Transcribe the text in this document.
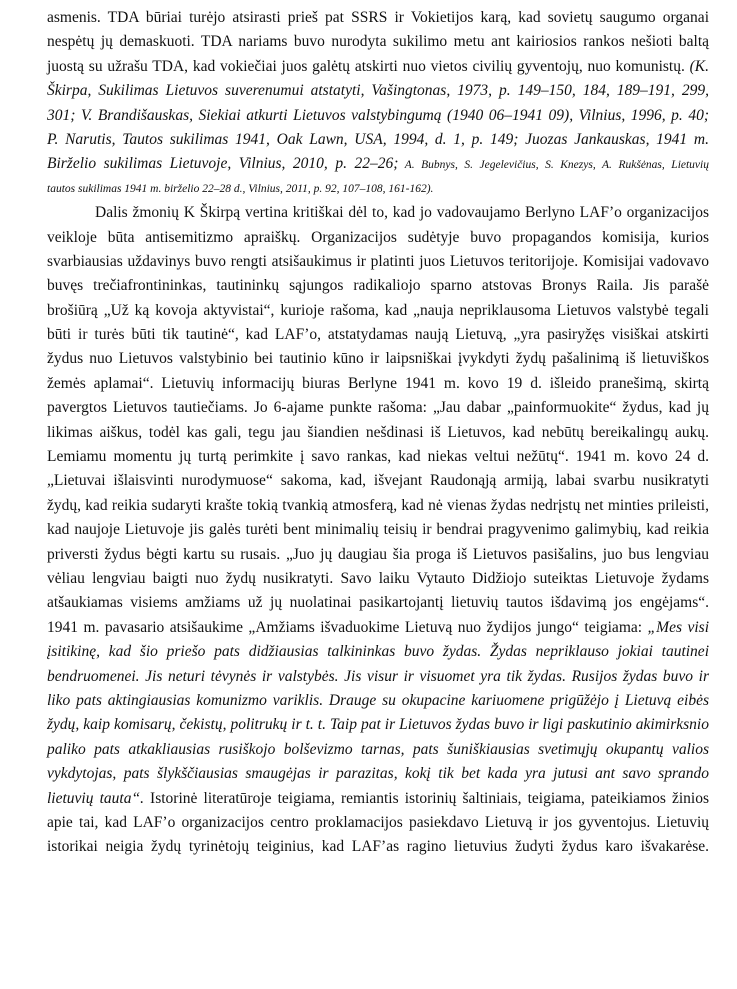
asmenis. TDA būriai turėjo atsirasti prieš pat SSRS ir Vokietijos karą, kad sovietų saugumo organai
nespėtų jų demaskuoti. TDA nariams buvo nurodyta sukilimo metu ant kairiosios rankos nešioti baltą
juostą su užrašu TDA, kad vokiečiai juos galėtų atskirti nuo vietos civilių gyventojų, nuo komunistų. (K.
Škirpa, Sukilimas Lietuvos suverenumui atstatyti, Vašingtonas, 1973, p. 149–150, 184, 189–191, 299,
301; V. Brandišauskas, Siekiai atkurti Lietuvos valstybingumą (1940 06–1941 09), Vilnius, 1996, p. 40;
P. Narutis, Tautos sukilimas 1941, Oak Lawn, USA, 1994, d. 1, p. 149; Juozas Jankauskas, 1941 m.
Birželio sukilimas Lietuvoje, Vilnius, 2010, p. 22–26; A. Bubnys, S. Jegelevičius, S. Knezys, A. Rukšėnas, Lietuvių
tautos sukilimas 1941 m. birželio 22–28 d., Vilnius, 2011, p. 92, 107–108, 161-162).
Dalis žmonių K Škirpą vertina kritiškai dėl to, kad jo vadovaujamo Berlyno LAF’o organizacijos
veikloje būta antisemitizmo apraiškų. Organizacijos sudėtyje buvo propagandos komisija, kurios
svarbiausias uždavinys buvo rengti atsišaukimus ir platinti juos Lietuvos teritorijoje. Komisijai vadovavo
buvęs trečiafrontininkas, tautininkų sąjungos radikaliojo sparno atstovas Bronys Raila. Jis parašė
brošiūrą „Už ką kovoja aktyvistai“, kurioje rašoma, kad „nauja nepriklausoma Lietuvos valstybė tegali
būti ir turės būti tik tautinė“, kad LAF’o, atstatydamas naują Lietuvą, „yra pasiryžęs visiškai atskirti
žydus nuo Lietuvos valstybinio bei tautinio kūno ir laipsniškai įvykdyti žydų pašalinimą iš lietuviškos
žemės aplamai“. Lietuvių informacijų biuras Berlyne 1941 m. kovo 19 d. išleido pranešimą, skirtą
pavergtos Lietuvos tautiečiams. Jo 6-ajame punkte rašoma: „Jau dabar „painformuokite“ žydus, kad jų
likimas aiškus, todėl kas gali, tegu jau šiandien nešdinasi iš Lietuvos, kad nebūtų bereikalingų aukų.
Lemiamu momentu jų turtą perimkite į savo rankas, kad niekas veltui nežūtų“. 1941 m. kovo 24 d.
„Lietuvai išlaisvinti nurodymuose“ sakoma, kad, išvejant Raudonąją armiją, labai svarbu nusikratyti
žydų, kad reikia sudaryti krašte tokią tvankią atmosferą, kad nė vienas žydas nedrįstų net minties prileisti,
kad naujoje Lietuvoje jis galės turėti bent minimalių teisių ir bendrai pragyvenimo galimybių, kad reikia
priversti žydus bėgti kartu su rusais. „Juo jų daugiau šia proga iš Lietuvos pasišalins, juo bus lengviau
vėliau lengviau baigti nuo žydų nusikratyti. Savo laiku Vytauto Didžiojo suteiktas Lietuvoje žydams
atšaukiamas visiems amžiams už jų nuolatinai pasikartojantį lietuvių tautos išdavimą jos engėjams“.
1941 m. pavasario atsišaukime „Amžiams išvaduokime Lietuvą nuo žydijos jungo“ teigiama: „Mes visi
įsitikinę, kad šio priešo pats didžiausias talkininkas buvo žydas. Žydas nepriklauso jokiai tautinei
bendruomenei. Jis neturi tėvynės ir valstybės. Jis visur ir visuomet yra tik žydas. Rusijos žydas buvo ir
liko pats aktingiausias komunizmo variklis. Drauge su okupacine kariuomene prigūžėjo į Lietuvą eibės
žydų, kaip komisarų, čekistų, politrukų ir t. t. Taip pat ir Lietuvos žydas buvo ir ligi paskutinio akimirksnio
paliko pats atkakliausias rusiškojo bolševizmo tarnas, pats šuniškiausias svetimųjų okupantų valios
vykdytojas, pats šlykščiausias smaugėjas ir parazitas, kokį tik bet kada yra jutusi ant savo sprando
lietuvių tauta“. Istorinė literatūroje teigiama, remiantis istorinių šaltiniais, teigiama, pateikiamos žinios
apie tai, kad LAF’o organizacijos centro proklamacijos pasiekdavo Lietuvą ir jos gyventojus. Lietuvių
istorikai neigia žydų tyrinėtojų teiginius, kad LAF’as ragino lietuvius žudyti žydus karo išvakarėse.
